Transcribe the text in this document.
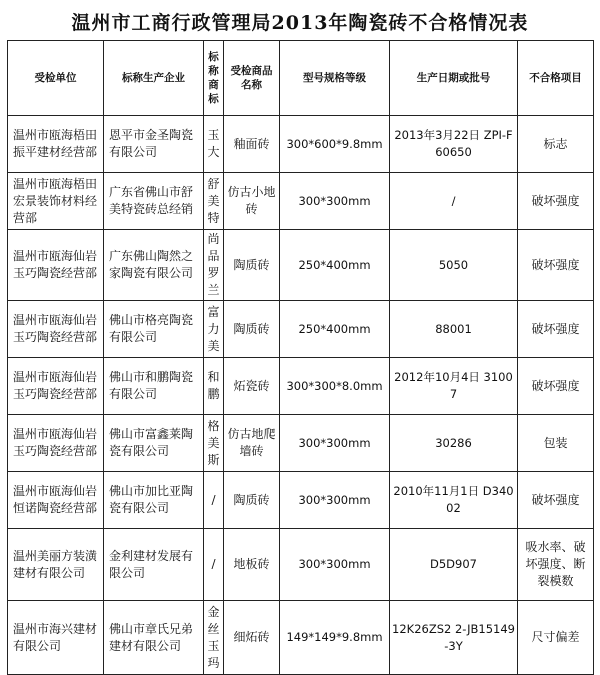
温州市工商行政管理局2013年陶瓷砖不合格情况表
受检单位	标称生产企业	标称商标	受检商品名称	型号规格等级	生产日期或批号	不合格项目
温州市瓯海梧田振平建材经营部	恩平市金圣陶瓷有限公司	玉大	釉面砖	300*600*9.8mm	2013年3月22日 ZPI-F60650	标志
温州市瓯海梧田宏景装饰材料经营部	广东省佛山市舒美特瓷砖总经销	舒美特	仿古小地砖	300*300mm	/	破坏强度
温州市瓯海仙岩玉巧陶瓷经营部	广东佛山陶然之家陶瓷有限公司	尚品罗兰	陶质砖	250*400mm	5050	破坏强度
温州市瓯海仙岩玉巧陶瓷经营部	佛山市格亮陶瓷有限公司	富力美	陶质砖	250*400mm	88001	破坏强度
温州市瓯海仙岩玉巧陶瓷经营部	佛山市和鹏陶瓷有限公司	和鹏	炻瓷砖	300*300*8.0mm	2012年10月4日 31007	破坏强度
温州市瓯海仙岩玉巧陶瓷经营部	佛山市富鑫莱陶瓷有限公司	格美斯	仿古地爬墙砖	300*300mm	30286	包装
温州市瓯海仙岩恒诺陶瓷经营部	佛山市加比亚陶瓷有限公司	/	陶质砖	300*300mm	2010年11月1日 D34002	破坏强度
温州美丽方装潢建材有限公司	金利建材发展有限公司	/	地板砖	300*300mm	D5D907	吸水率、破坏强度、断裂模数
温州市海兴建材有限公司	佛山市章氏兄弟建材有限公司	金丝玉玛	细炻砖	149*149*9.8mm	12K26ZS2 2-JB15149-3Y	尺寸偏差
